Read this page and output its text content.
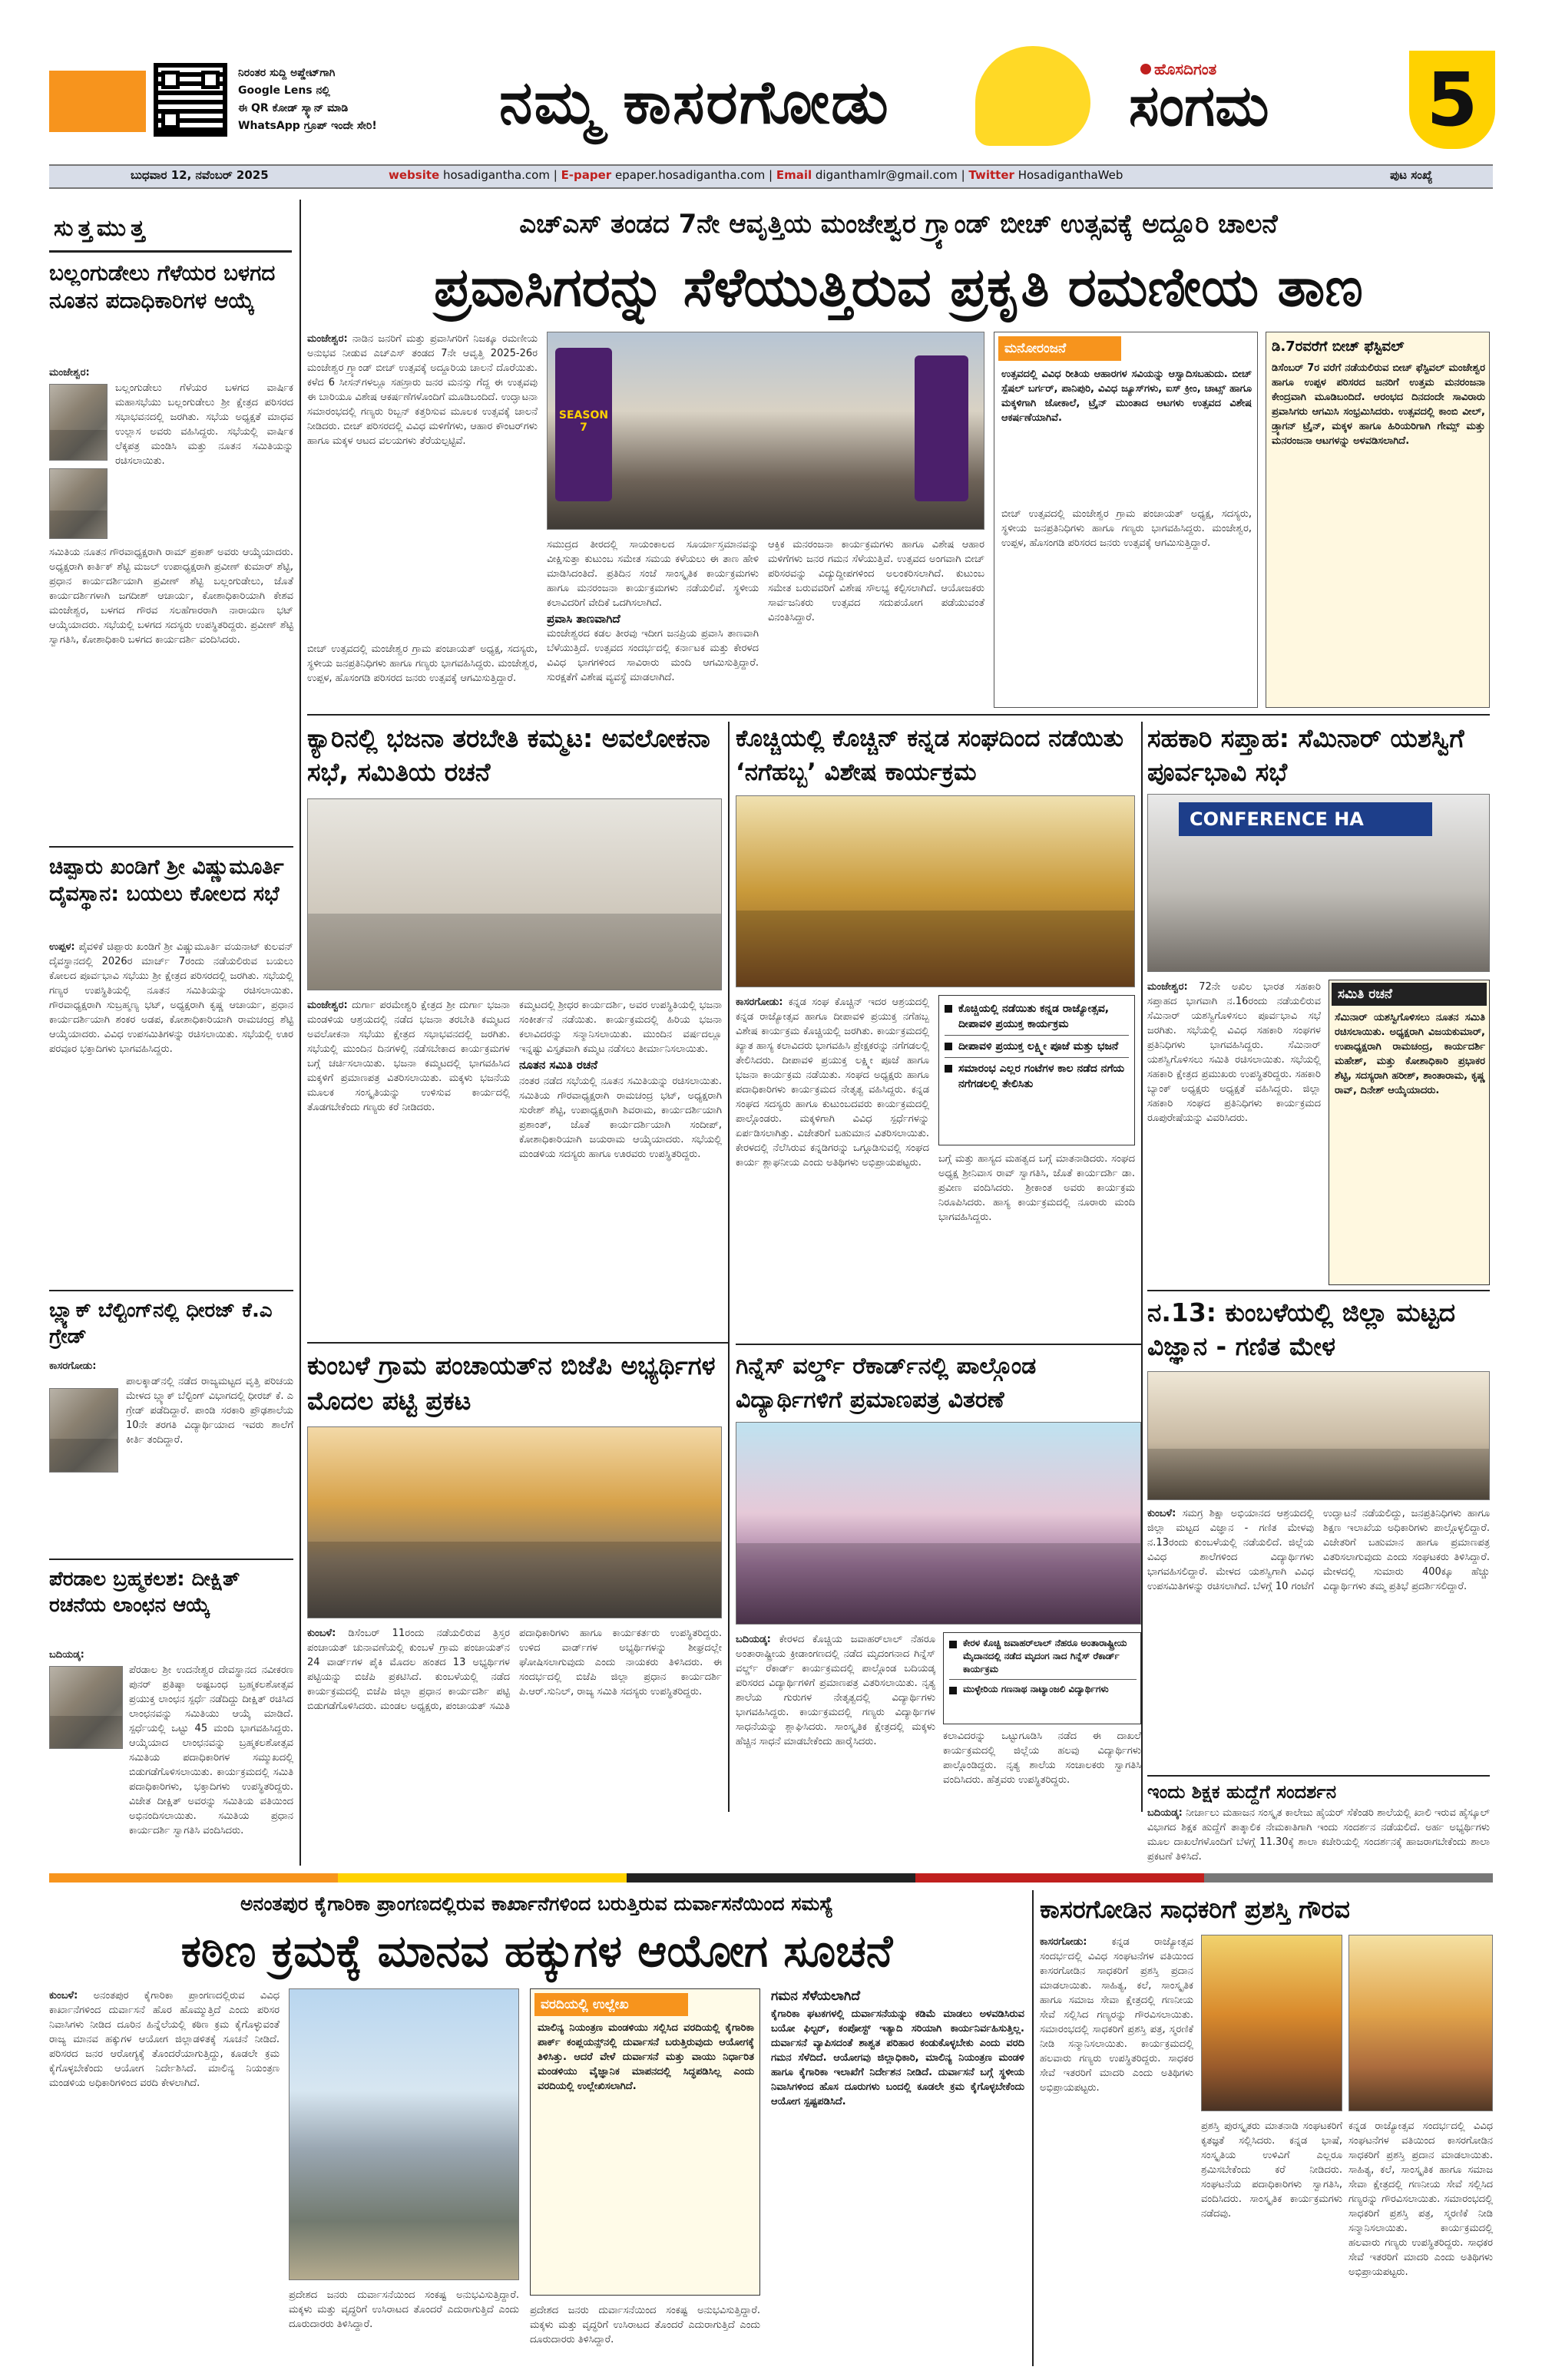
ನಿರಂತರ ಸುದ್ದಿ ಅಪ್ಡೇಟ್‌ಗಾಗಿ
Google Lens ನಲ್ಲಿ
ಈ QR ಕೋಡ್ ಸ್ಕ್ಯಾನ್ ಮಾಡಿ
WhatsApp ಗ್ರೂಪ್ ಇಂದೇ ಸೇರಿ!	ನಮ್ಮ ಕಾಸರಗೋಡು	ಹೊಸದಿಗಂತ
ಸಂಗಮ 5
ಬುಧವಾರ 12, ನವೆಂಬರ್ 2025	website hosadigantha.com | E-paper epaper.hosadigantha.com | Email diganthamlr@gmail.com | Twitter HosadiganthaWeb	ಪುಟ ಸಂಖ್ಯೆ
ಸುತ್ತಮುತ್ತ
ಬಲ್ಲಂಗುಡೇಲು ಗೆಳೆಯರ ಬಳಗದ ನೂತನ ಪದಾಧಿಕಾರಿಗಳ ಆಯ್ಕೆ
ಮಂಜೇಶ್ವರ:
ಬಲ್ಲಂಗುಡೇಲು ಗೆಳೆಯರ ಬಳಗದ ವಾರ್ಷಿಕ ಮಹಾಸಭೆಯು ಬಲ್ಲಂಗುಡೇಲು ಶ್ರೀ ಕ್ಷೇತ್ರದ ಪರಿಸರದ ಸಭಾಭವನದಲ್ಲಿ ಜರಗಿತು. ಸಭೆಯ ಅಧ್ಯಕ್ಷತೆ ಮಾಧವ ಉಲ್ಲಾಸ ಅವರು ವಹಿಸಿದ್ದರು. ಸಭೆಯಲ್ಲಿ ವಾರ್ಷಿಕ ಲೆಕ್ಕಪತ್ರ ಮಂಡಿಸಿ ಮತ್ತು ನೂತನ ಸಮಿತಿಯನ್ನು ರಚಿಸಲಾಯಿತು.
ಸಮಿತಿಯ ನೂತನ ಗೌರವಾಧ್ಯಕ್ಷರಾಗಿ ರಾಮ್ ಪ್ರಕಾಶ್ ಅವರು ಆಯ್ಕೆಯಾದರು. ಅಧ್ಯಕ್ಷರಾಗಿ ಕಾರ್ತಿಕ್ ಶೆಟ್ಟಿ ಮಜಲ್ ಉಪಾಧ್ಯಕ್ಷರಾಗಿ ಪ್ರವೀಣ್ ಕುಮಾರ್ ಶೆಟ್ಟಿ, ಪ್ರಧಾನ ಕಾರ್ಯದರ್ಶಿಯಾಗಿ ಪ್ರವೀಣ್ ಶೆಟ್ಟಿ ಬಲ್ಲಂಗುಡೇಲು, ಜೊತೆ ಕಾರ್ಯದರ್ಶಿಗಳಾಗಿ ಜಗದೀಶ್ ಆಚಾರ್ಯ, ಕೋಶಾಧಿಕಾರಿಯಾಗಿ ಕೇಶವ ಮಂಜೇಶ್ವರ, ಬಳಗದ ಗೌರವ ಸಲಹೆಗಾರರಾಗಿ ನಾರಾಯಣ ಭಟ್ ಆಯ್ಕೆಯಾದರು. ಸಭೆಯಲ್ಲಿ ಬಳಗದ ಸದಸ್ಯರು ಉಪಸ್ಥಿತರಿದ್ದರು. ಪ್ರವೀಣ್ ಶೆಟ್ಟಿ ಸ್ವಾಗತಿಸಿ, ಕೋಶಾಧಿಕಾರಿ ಬಳಗದ ಕಾರ್ಯದರ್ಶಿ ವಂದಿಸಿದರು.
ಚಿಪ್ಪಾರು ಖಂಡಿಗೆ ಶ್ರೀ ವಿಷ್ಣುಮೂರ್ತಿ ದೈವಸ್ಥಾನ: ಬಯಲು ಕೋಲದ ಸಭೆ
ಉಪ್ಪಳ: ಪೈವಳಿಕೆ ಚಿಪ್ಪಾರು ಖಂಡಿಗೆ ಶ್ರೀ ವಿಷ್ಣುಮೂರ್ತಿ ವಯನಾಟ್ ಕುಲವನ್ ದೈವಸ್ಥಾನದಲ್ಲಿ 2026ರ ಮಾರ್ಚ್ 7ರಂದು ನಡೆಯಲಿರುವ ಬಯಲು ಕೋಲದ ಪೂರ್ವಭಾವಿ ಸಭೆಯು ಶ್ರೀ ಕ್ಷೇತ್ರದ ಪರಿಸರದಲ್ಲಿ ಜರಗಿತು. ಸಭೆಯಲ್ಲಿ ಗಣ್ಯರ ಉಪಸ್ಥಿತಿಯಲ್ಲಿ ನೂತನ ಸಮಿತಿಯನ್ನು ರಚಿಸಲಾಯಿತು. ಗೌರವಾಧ್ಯಕ್ಷರಾಗಿ ಸುಬ್ರಹ್ಮಣ್ಯ ಭಟ್, ಅಧ್ಯಕ್ಷರಾಗಿ ಕೃಷ್ಣ ಆಚಾರ್ಯ, ಪ್ರಧಾನ ಕಾರ್ಯದರ್ಶಿಯಾಗಿ ಶಂಕರ ಅಡಪ, ಕೋಶಾಧಿಕಾರಿಯಾಗಿ ರಾಮಚಂದ್ರ ಶೆಟ್ಟಿ ಆಯ್ಕೆಯಾದರು. ವಿವಿಧ ಉಪಸಮಿತಿಗಳನ್ನು ರಚಿಸಲಾಯಿತು. ಸಭೆಯಲ್ಲಿ ಊರ ಪರವೂರ ಭಕ್ತಾದಿಗಳು ಭಾಗವಹಿಸಿದ್ದರು.
ಬ್ಲ್ಯಾಕ್ ಬೆಲ್ಟಿಂಗ್‌ನಲ್ಲಿ ಧೀರಜ್ ಕೆ.ಎ ಗ್ರೇಡ್
ಕಾಸರಗೋಡು:
ಪಾಲಕ್ಕಾಡ್‌ನಲ್ಲಿ ನಡೆದ ರಾಜ್ಯಮಟ್ಟದ ವೃತ್ತಿ ಪರಿಚಯ ಮೇಳದ ಬ್ಲ್ಯಾಕ್ ಬೆಲ್ಟಿಂಗ್ ವಿಭಾಗದಲ್ಲಿ ಧೀರಜ್ ಕೆ. ಎ ಗ್ರೇಡ್ ಪಡೆದಿದ್ದಾರೆ. ಪಾಂಡಿ ಸರಕಾರಿ ಪ್ರೌಢಶಾಲೆಯ 10ನೇ ತರಗತಿ ವಿದ್ಯಾರ್ಥಿಯಾದ ಇವರು ಶಾಲೆಗೆ ಕೀರ್ತಿ ತಂದಿದ್ದಾರೆ.
ಪೆರಡಾಲ ಬ್ರಹ್ಮಕಲಶ: ದೀಕ್ಷಿತ್ ರಚನೆಯ ಲಾಂಛನ ಆಯ್ಕೆ
ಬದಿಯಡ್ಕ:
ಪೆರಡಾಲ ಶ್ರೀ ಉದನೇಶ್ವರ ದೇವಸ್ಥಾನದ ನವೀಕರಣ ಪುನರ್ ಪ್ರತಿಷ್ಠಾ ಅಷ್ಟಬಂಧ ಬ್ರಹ್ಮಕಲಶೋತ್ಸವ ಪ್ರಯುಕ್ತ ಲಾಂಛನ ಸ್ಪರ್ಧೆ ನಡೆದಿದ್ದು ದೀಕ್ಷಿತ್ ರಚಿಸಿದ ಲಾಂಛನವನ್ನು ಸಮಿತಿಯು ಆಯ್ಕೆ ಮಾಡಿದೆ. ಸ್ಪರ್ಧೆಯಲ್ಲಿ ಒಟ್ಟು 45 ಮಂದಿ ಭಾಗವಹಿಸಿದ್ದರು. ಆಯ್ಕೆಯಾದ ಲಾಂಛನವನ್ನು ಬ್ರಹ್ಮಕಲಶೋತ್ಸವ ಸಮಿತಿಯ ಪದಾಧಿಕಾರಿಗಳ ಸಮ್ಮುಖದಲ್ಲಿ ಬಿಡುಗಡೆಗೊಳಿಸಲಾಯಿತು. ಕಾರ್ಯಕ್ರಮದಲ್ಲಿ ಸಮಿತಿ ಪದಾಧಿಕಾರಿಗಳು, ಭಕ್ತಾದಿಗಳು ಉಪಸ್ಥಿತರಿದ್ದರು. ವಿಜೇತ ದೀಕ್ಷಿತ್ ಅವರನ್ನು ಸಮಿತಿಯ ವತಿಯಿಂದ ಅಭಿನಂದಿಸಲಾಯಿತು. ಸಮಿತಿಯ ಪ್ರಧಾನ ಕಾರ್ಯದರ್ಶಿ ಸ್ವಾಗತಿಸಿ ವಂದಿಸಿದರು.
ಎಚ್‌ಎಸ್ ತಂಡದ 7ನೇ ಆವೃತ್ತಿಯ ಮಂಜೇಶ್ವರ ಗ್ರ್ಯಾಂಡ್ ಬೀಚ್ ಉತ್ಸವಕ್ಕೆ ಅದ್ದೂರಿ ಚಾಲನೆ
ಪ್ರವಾಸಿಗರನ್ನು ಸೆಳೆಯುತ್ತಿರುವ ಪ್ರಕೃತಿ ರಮಣೀಯ ತಾಣ
ಮಂಜೇಶ್ವರ: ನಾಡಿನ ಜನರಿಗೆ ಮತ್ತು ಪ್ರವಾಸಿಗರಿಗೆ ನಿಜಕ್ಕೂ ರಮಣೀಯ ಅನುಭವ ನೀಡುವ ಎಚ್‌ಎಸ್ ತಂಡದ 7ನೇ ಆವೃತ್ತಿ 2025-26ರ ಮಂಜೇಶ್ವರ ಗ್ರ್ಯಾಂಡ್ ಬೀಚ್ ಉತ್ಸವಕ್ಕೆ ಅದ್ದೂರಿಯ ಚಾಲನೆ ದೊರೆಯಿತು. ಕಳೆದ 6 ಸೀಸನ್‌ಗಳಲ್ಲೂ ಸಹಸ್ರಾರು ಜನರ ಮನಸ್ಸು ಗೆದ್ದ ಈ ಉತ್ಸವವು ಈ ಬಾರಿಯೂ ವಿಶೇಷ ಆಕರ್ಷಣೆಗಳೊಂದಿಗೆ ಮೂಡಿಬಂದಿದೆ. ಉದ್ಘಾಟನಾ ಸಮಾರಂಭದಲ್ಲಿ ಗಣ್ಯರು ರಿಬ್ಬನ್ ಕತ್ತರಿಸುವ ಮೂಲಕ ಉತ್ಸವಕ್ಕೆ ಚಾಲನೆ ನೀಡಿದರು. ಬೀಚ್ ಪರಿಸರದಲ್ಲಿ ವಿವಿಧ ಮಳಿಗೆಗಳು, ಆಹಾರ ಕೌಂಟರ್‌ಗಳು ಹಾಗೂ ಮಕ್ಕಳ ಆಟದ ವಲಯಗಳು ತೆರೆಯಲ್ಪಟ್ಟಿವೆ.
SEASON 7
ಸಮುದ್ರದ ತೀರದಲ್ಲಿ ಸಾಯಂಕಾಲದ ಸೂರ್ಯಾಸ್ತಮಾನವನ್ನು ವೀಕ್ಷಿಸುತ್ತಾ ಕುಟುಂಬ ಸಮೇತ ಸಮಯ ಕಳೆಯಲು ಈ ತಾಣ ಹೇಳಿ ಮಾಡಿಸಿದಂತಿದೆ. ಪ್ರತಿದಿನ ಸಂಜೆ ಸಾಂಸ್ಕೃತಿಕ ಕಾರ್ಯಕ್ರಮಗಳು ಹಾಗೂ ಮನರಂಜನಾ ಕಾರ್ಯಕ್ರಮಗಳು ನಡೆಯಲಿವೆ. ಸ್ಥಳೀಯ ಕಲಾವಿದರಿಗೆ ವೇದಿಕೆ ಒದಗಿಸಲಾಗಿದೆ.
ಪ್ರವಾಸಿ ತಾಣವಾಗಿದೆ
ಮಂಜೇಶ್ವರದ ಕಡಲ ತೀರವು ಇದೀಗ ಜನಪ್ರಿಯ ಪ್ರವಾಸಿ ತಾಣವಾಗಿ ಬೆಳೆಯುತ್ತಿದೆ. ಉತ್ಸವದ ಸಂದರ್ಭದಲ್ಲಿ ಕರ್ನಾಟಕ ಮತ್ತು ಕೇರಳದ ವಿವಿಧ ಭಾಗಗಳಿಂದ ಸಾವಿರಾರು ಮಂದಿ ಆಗಮಿಸುತ್ತಿದ್ದಾರೆ. ಸುರಕ್ಷತೆಗೆ ವಿಶೇಷ ವ್ಯವಸ್ಥೆ ಮಾಡಲಾಗಿದೆ.
ಆಕ್ತಿಕ ಮನರಂಜನಾ ಕಾರ್ಯಕ್ರಮಗಳು ಹಾಗೂ ವಿಶೇಷ ಆಹಾರ ಮಳಿಗೆಗಳು ಜನರ ಗಮನ ಸೆಳೆಯುತ್ತಿವೆ. ಉತ್ಸವದ ಅಂಗವಾಗಿ ಬೀಚ್ ಪರಿಸರವನ್ನು ವಿದ್ಯುದ್ದೀಪಗಳಿಂದ ಅಲಂಕರಿಸಲಾಗಿದೆ. ಕುಟುಂಬ ಸಮೇತ ಬರುವವರಿಗೆ ವಿಶೇಷ ಸೌಲಭ್ಯ ಕಲ್ಪಿಸಲಾಗಿದೆ. ಆಯೋಜಕರು ಸಾರ್ವಜನಿಕರು ಉತ್ಸವದ ಸದುಪಯೋಗ ಪಡೆಯುವಂತೆ ವಿನಂತಿಸಿದ್ದಾರೆ.
ಬೀಚ್ ಉತ್ಸವದಲ್ಲಿ ಮಂಜೇಶ್ವರ ಗ್ರಾಮ ಪಂಚಾಯತ್ ಅಧ್ಯಕ್ಷ, ಸದಸ್ಯರು, ಸ್ಥಳೀಯ ಜನಪ್ರತಿನಿಧಿಗಳು ಹಾಗೂ ಗಣ್ಯರು ಭಾಗವಹಿಸಿದ್ದರು. ಮಂಜೇಶ್ವರ, ಉಪ್ಪಳ, ಹೊಸಂಗಡಿ ಪರಿಸರದ ಜನರು ಉತ್ಸವಕ್ಕೆ ಆಗಮಿಸುತ್ತಿದ್ದಾರೆ.
ಮನೋರಂಜನೆ
ಉತ್ಸವದಲ್ಲಿ ವಿವಿಧ ರೀತಿಯ ಆಹಾರಗಳ ಸವಿಯನ್ನು ಆಸ್ವಾದಿಸಬಹುದು. ಬೀಚ್ ಸ್ಪೆಷಲ್ ಬರ್ಗರ್, ಪಾನಿಪುರಿ, ವಿವಿಧ ಜ್ಯೂಸ್‌ಗಳು, ಐಸ್ ಕ್ರೀಂ, ಚಾಟ್ಸ್ ಹಾಗೂ ಮಕ್ಕಳಿಗಾಗಿ ಜೋಕಾಲೆ, ಟ್ರೈನ್ ಮುಂತಾದ ಆಟಗಳು ಉತ್ಸವದ ವಿಶೇಷ ಆಕರ್ಷಣೆಯಾಗಿವೆ.
ಬೀಚ್ ಉತ್ಸವದಲ್ಲಿ ಮಂಜೇಶ್ವರ ಗ್ರಾಮ ಪಂಚಾಯತ್ ಅಧ್ಯಕ್ಷ, ಸದಸ್ಯರು, ಸ್ಥಳೀಯ ಜನಪ್ರತಿನಿಧಿಗಳು ಹಾಗೂ ಗಣ್ಯರು ಭಾಗವಹಿಸಿದ್ದರು. ಮಂಜೇಶ್ವರ, ಉಪ್ಪಳ, ಹೊಸಂಗಡಿ ಪರಿಸರದ ಜನರು ಉತ್ಸವಕ್ಕೆ ಆಗಮಿಸುತ್ತಿದ್ದಾರೆ.
ಡಿ.7ರವರೆಗೆ ಬೀಚ್ ಫೆಸ್ಟಿವಲ್
ಡಿಸೆಂಬರ್ 7ರ ವರೆಗೆ ನಡೆಯಲಿರುವ ಬೀಚ್ ಫೆಸ್ಟಿವಲ್ ಮಂಜೇಶ್ವರ ಹಾಗೂ ಉಪ್ಪಳ ಪರಿಸರದ ಜನರಿಗೆ ಉತ್ತಮ ಮನರಂಜನಾ ಕೇಂದ್ರವಾಗಿ ಮೂಡಿಬಂದಿದೆ. ಆರಂಭದ ದಿನದಂದೇ ಸಾವಿರಾರು ಪ್ರವಾಸಿಗರು ಆಗಮಿಸಿ ಸಂಭ್ರಮಿಸಿದರು. ಉತ್ಸವದಲ್ಲಿ ಕಾಂಬಿ ವೀಲ್, ಡ್ರ್ಯಾಗನ್ ಟ್ರೈನ್, ಮಕ್ಕಳ ಹಾಗೂ ಹಿರಿಯರಿಗಾಗಿ ಗೇಮ್ಸ್ ಮತ್ತು ಮನರಂಜನಾ ಆಟಗಳನ್ನು ಅಳವಡಿಸಲಾಗಿದೆ.
ಕ್ಯಾರಿನಲ್ಲಿ ಭಜನಾ ತರಬೇತಿ ಕಮ್ಮಟ: ಅವಲೋಕನಾ ಸಭೆ, ಸಮಿತಿಯ ರಚನೆ
ಮಂಜೇಶ್ವರ: ದುರ್ಗಾ ಪರಮೇಶ್ವರಿ ಕ್ಷೇತ್ರದ ಶ್ರೀ ದುರ್ಗಾ ಭಜನಾ ಮಂಡಳಿಯ ಆಶ್ರಯದಲ್ಲಿ ನಡೆದ ಭಜನಾ ತರಬೇತಿ ಕಮ್ಮಟದ ಅವಲೋಕನಾ ಸಭೆಯು ಕ್ಷೇತ್ರದ ಸಭಾಭವನದಲ್ಲಿ ಜರಗಿತು. ಸಭೆಯಲ್ಲಿ ಮುಂದಿನ ದಿನಗಳಲ್ಲಿ ನಡೆಸಬೇಕಾದ ಕಾರ್ಯಕ್ರಮಗಳ ಬಗ್ಗೆ ಚರ್ಚಿಸಲಾಯಿತು. ಭಜನಾ ಕಮ್ಮಟದಲ್ಲಿ ಭಾಗವಹಿಸಿದ ಮಕ್ಕಳಿಗೆ ಪ್ರಮಾಣಪತ್ರ ವಿತರಿಸಲಾಯಿತು. ಮಕ್ಕಳು ಭಜನೆಯ ಮೂಲಕ ಸಂಸ್ಕೃತಿಯನ್ನು ಉಳಿಸುವ ಕಾರ್ಯದಲ್ಲಿ ತೊಡಗಬೇಕೆಂದು ಗಣ್ಯರು ಕರೆ ನೀಡಿದರು.
ಕಮ್ಮಟದಲ್ಲಿ ಶ್ರೀಧರ ಕಾರ್ಯದರ್ಶಿ, ಅವರ ಉಪಸ್ಥಿತಿಯಲ್ಲಿ ಭಜನಾ ಸಂಕೀರ್ತನೆ ನಡೆಯಿತು. ಕಾರ್ಯಕ್ರಮದಲ್ಲಿ ಹಿರಿಯ ಭಜನಾ ಕಲಾವಿದರನ್ನು ಸನ್ಮಾನಿಸಲಾಯಿತು. ಮುಂದಿನ ವರ್ಷದಲ್ಲೂ ಇನ್ನಷ್ಟು ವಿಸ್ತೃತವಾಗಿ ಕಮ್ಮಟ ನಡೆಸಲು ತೀರ್ಮಾನಿಸಲಾಯಿತು.
ನೂತನ ಸಮಿತಿ ರಚನೆ
ನಂತರ ನಡೆದ ಸಭೆಯಲ್ಲಿ ನೂತನ ಸಮಿತಿಯನ್ನು ರಚಿಸಲಾಯಿತು. ಸಮಿತಿಯ ಗೌರವಾಧ್ಯಕ್ಷರಾಗಿ ರಾಮಚಂದ್ರ ಭಟ್, ಅಧ್ಯಕ್ಷರಾಗಿ ಸುರೇಶ್ ಶೆಟ್ಟಿ, ಉಪಾಧ್ಯಕ್ಷರಾಗಿ ಶಿವರಾಮ, ಕಾರ್ಯದರ್ಶಿಯಾಗಿ ಪ್ರಶಾಂತ್, ಜೊತೆ ಕಾರ್ಯದರ್ಶಿಯಾಗಿ ಸಂದೀಪ್, ಕೋಶಾಧಿಕಾರಿಯಾಗಿ ಜಯರಾಮ ಆಯ್ಕೆಯಾದರು. ಸಭೆಯಲ್ಲಿ ಮಂಡಳಿಯ ಸದಸ್ಯರು ಹಾಗೂ ಊರವರು ಉಪಸ್ಥಿತರಿದ್ದರು.
ಕೊಚ್ಚಿಯಲ್ಲಿ ಕೊಚ್ಚಿನ್ ಕನ್ನಡ ಸಂಘದಿಂದ ನಡೆಯಿತು ‘ನಗೆಹಬ್ಬ’ ವಿಶೇಷ ಕಾರ್ಯಕ್ರಮ
ಕಾಸರಗೋಡು: ಕನ್ನಡ ಸಂಘ ಕೊಚ್ಚಿನ್ ಇದರ ಆಶ್ರಯದಲ್ಲಿ ಕನ್ನಡ ರಾಜ್ಯೋತ್ಸವ ಹಾಗೂ ದೀಪಾವಳಿ ಪ್ರಯುಕ್ತ ನಗೆಹಬ್ಬ ವಿಶೇಷ ಕಾರ್ಯಕ್ರಮ ಕೊಚ್ಚಿಯಲ್ಲಿ ಜರಗಿತು. ಕಾರ್ಯಕ್ರಮದಲ್ಲಿ ಖ್ಯಾತ ಹಾಸ್ಯ ಕಲಾವಿದರು ಭಾಗವಹಿಸಿ ಪ್ರೇಕ್ಷಕರನ್ನು ನಗೆಗಡಲಲ್ಲಿ ತೇಲಿಸಿದರು. ದೀಪಾವಳಿ ಪ್ರಯುಕ್ತ ಲಕ್ಷ್ಮೀ ಪೂಜೆ ಹಾಗೂ ಭಜನಾ ಕಾರ್ಯಕ್ರಮ ನಡೆಯಿತು. ಸಂಘದ ಅಧ್ಯಕ್ಷರು ಹಾಗೂ ಪದಾಧಿಕಾರಿಗಳು ಕಾರ್ಯಕ್ರಮದ ನೇತೃತ್ವ ವಹಿಸಿದ್ದರು. ಕನ್ನಡ ಸಂಘದ ಸದಸ್ಯರು ಹಾಗೂ ಕುಟುಂಬದವರು ಕಾರ್ಯಕ್ರಮದಲ್ಲಿ ಪಾಲ್ಗೊಂಡರು. ಮಕ್ಕಳಿಗಾಗಿ ವಿವಿಧ ಸ್ಪರ್ಧೆಗಳನ್ನು ಏರ್ಪಡಿಸಲಾಗಿತ್ತು. ವಿಜೇತರಿಗೆ ಬಹುಮಾನ ವಿತರಿಸಲಾಯಿತು. ಕೇರಳದಲ್ಲಿ ನೆಲೆಸಿರುವ ಕನ್ನಡಿಗರನ್ನು ಒಗ್ಗೂಡಿಸುವಲ್ಲಿ ಸಂಘದ ಕಾರ್ಯ ಶ್ಲಾಘನೀಯ ಎಂದು ಅತಿಥಿಗಳು ಅಭಿಪ್ರಾಯಪಟ್ಟರು.
ಕೊಚ್ಚಿಯಲ್ಲಿ ನಡೆಯಿತು ಕನ್ನಡ ರಾಜ್ಯೋತ್ಸವ, ದೀಪಾವಳಿ ಪ್ರಯುಕ್ತ ಕಾರ್ಯಕ್ರಮ
ದೀಪಾವಳಿ ಪ್ರಯುಕ್ತ ಲಕ್ಷ್ಮೀ ಪೂಜೆ ಮತ್ತು ಭಜನೆ
ಸಮಾರಂಭ ಎಲ್ಲರ ಗಂಟೆಗಳ ಕಾಲ ನಡೆದ ನಗೆಯ ನಗೆಗಡಲಲ್ಲಿ ತೇಲಿಸಿತು
ಬಗ್ಗೆ ಮತ್ತು ಹಾಸ್ಯದ ಮಹತ್ವದ ಬಗ್ಗೆ ಮಾತನಾಡಿದರು. ಸಂಘದ ಅಧ್ಯಕ್ಷ ಶ್ರೀನಿವಾಸ ರಾವ್ ಸ್ವಾಗತಿಸಿ, ಜೊತೆ ಕಾರ್ಯದರ್ಶಿ ಡಾ. ಪ್ರವೀಣ ವಂದಿಸಿದರು. ಶ್ರೀಕಾಂತ ಅವರು ಕಾರ್ಯಕ್ರಮ ನಿರೂಪಿಸಿದರು. ಹಾಸ್ಯ ಕಾರ್ಯಕ್ರಮದಲ್ಲಿ ನೂರಾರು ಮಂದಿ ಭಾಗವಹಿಸಿದ್ದರು.
ಸಹಕಾರಿ ಸಪ್ತಾಹ: ಸೆಮಿನಾರ್ ಯಶಸ್ವಿಗೆ ಪೂರ್ವಭಾವಿ ಸಭೆ
CONFERENCE HA
ಮಂಜೇಶ್ವರ: 72ನೇ ಅಖಿಲ ಭಾರತ ಸಹಕಾರಿ ಸಪ್ತಾಹದ ಭಾಗವಾಗಿ ನ.16ರಂದು ನಡೆಯಲಿರುವ ಸೆಮಿನಾರ್ ಯಶಸ್ವಿಗೊಳಿಸಲು ಪೂರ್ವಭಾವಿ ಸಭೆ ಜರಗಿತು. ಸಭೆಯಲ್ಲಿ ವಿವಿಧ ಸಹಕಾರಿ ಸಂಘಗಳ ಪ್ರತಿನಿಧಿಗಳು ಭಾಗವಹಿಸಿದ್ದರು. ಸೆಮಿನಾರ್ ಯಶಸ್ವಿಗೊಳಿಸಲು ಸಮಿತಿ ರಚಿಸಲಾಯಿತು. ಸಭೆಯಲ್ಲಿ ಸಹಕಾರಿ ಕ್ಷೇತ್ರದ ಪ್ರಮುಖರು ಉಪಸ್ಥಿತರಿದ್ದರು. ಸಹಕಾರಿ ಬ್ಯಾಂಕ್ ಅಧ್ಯಕ್ಷರು ಅಧ್ಯಕ್ಷತೆ ವಹಿಸಿದ್ದರು. ಜಿಲ್ಲಾ ಸಹಕಾರಿ ಸಂಘದ ಪ್ರತಿನಿಧಿಗಳು ಕಾರ್ಯಕ್ರಮದ ರೂಪುರೇಷೆಯನ್ನು ವಿವರಿಸಿದರು.
ಸಮಿತಿ ರಚನೆ
ಸೆಮಿನಾರ್ ಯಶಸ್ವಿಗೊಳಿಸಲು ನೂತನ ಸಮಿತಿ ರಚಿಸಲಾಯಿತು. ಅಧ್ಯಕ್ಷರಾಗಿ ವಿಜಯಕುಮಾರ್, ಉಪಾಧ್ಯಕ್ಷರಾಗಿ ರಾಮಚಂದ್ರ, ಕಾರ್ಯದರ್ಶಿ ಮಹೇಶ್, ಮತ್ತು ಕೋಶಾಧಿಕಾರಿ ಪ್ರಭಾಕರ ಶೆಟ್ಟಿ, ಸದಸ್ಯರಾಗಿ ಹರೀಶ್, ಶಾಂತಾರಾಮ, ಕೃಷ್ಣ ರಾವ್, ದಿನೇಶ್ ಆಯ್ಕೆಯಾದರು.
ನ.13: ಕುಂಬಳೆಯಲ್ಲಿ ಜಿಲ್ಲಾ ಮಟ್ಟದ ವಿಜ್ಞಾನ - ಗಣಿತ ಮೇಳ
ಕುಂಬಳೆ: ಸಮಗ್ರ ಶಿಕ್ಷಾ ಅಭಿಯಾನದ ಆಶ್ರಯದಲ್ಲಿ ಜಿಲ್ಲಾ ಮಟ್ಟದ ವಿಜ್ಞಾನ - ಗಣಿತ ಮೇಳವು ನ.13ರಂದು ಕುಂಬಳೆಯಲ್ಲಿ ನಡೆಯಲಿದೆ. ಜಿಲ್ಲೆಯ ವಿವಿಧ ಶಾಲೆಗಳಿಂದ ವಿದ್ಯಾರ್ಥಿಗಳು ಭಾಗವಹಿಸಲಿದ್ದಾರೆ. ಮೇಳದ ಯಶಸ್ವಿಗಾಗಿ ವಿವಿಧ ಉಪಸಮಿತಿಗಳನ್ನು ರಚಿಸಲಾಗಿದೆ. ಬೆಳಗ್ಗೆ 10 ಗಂಟೆಗೆ ಉದ್ಘಾಟನೆ ನಡೆಯಲಿದ್ದು, ಜನಪ್ರತಿನಿಧಿಗಳು ಹಾಗೂ ಶಿಕ್ಷಣ ಇಲಾಖೆಯ ಅಧಿಕಾರಿಗಳು ಪಾಲ್ಗೊಳ್ಳಲಿದ್ದಾರೆ. ವಿಜೇತರಿಗೆ ಬಹುಮಾನ ಹಾಗೂ ಪ್ರಮಾಣಪತ್ರ ವಿತರಿಸಲಾಗುವುದು ಎಂದು ಸಂಘಟಕರು ತಿಳಿಸಿದ್ದಾರೆ. ಮೇಳದಲ್ಲಿ ಸುಮಾರು 400ಕ್ಕೂ ಹೆಚ್ಚು ವಿದ್ಯಾರ್ಥಿಗಳು ತಮ್ಮ ಪ್ರತಿಭೆ ಪ್ರದರ್ಶಿಸಲಿದ್ದಾರೆ.
ಗಿನ್ನೆಸ್ ವರ್ಲ್ಡ್ ರೆಕಾರ್ಡ್‌ನಲ್ಲಿ ಪಾಲ್ಗೊಂಡ ವಿದ್ಯಾರ್ಥಿಗಳಿಗೆ ಪ್ರಮಾಣಪತ್ರ ವಿತರಣೆ
ಬದಿಯಡ್ಕ: ಕೇರಳದ ಕೊಚ್ಚಿಯ ಜವಾಹರ್‌ಲಾಲ್ ನೆಹರೂ ಅಂತಾರಾಷ್ಟ್ರೀಯ ಕ್ರೀಡಾಂಗಣದಲ್ಲಿ ನಡೆದ ಮೃದಂಗನಾದ ಗಿನ್ನೆಸ್ ವರ್ಲ್ಡ್ ರೆಕಾರ್ಡ್ ಕಾರ್ಯಕ್ರಮದಲ್ಲಿ ಪಾಲ್ಗೊಂಡ ಬದಿಯಡ್ಕ ಪರಿಸರದ ವಿದ್ಯಾರ್ಥಿಗಳಿಗೆ ಪ್ರಮಾಣಪತ್ರ ವಿತರಿಸಲಾಯಿತು. ನೃತ್ಯ ಶಾಲೆಯ ಗುರುಗಳ ನೇತೃತ್ವದಲ್ಲಿ ವಿದ್ಯಾರ್ಥಿಗಳು ಭಾಗವಹಿಸಿದ್ದರು. ಕಾರ್ಯಕ್ರಮದಲ್ಲಿ ಗಣ್ಯರು ವಿದ್ಯಾರ್ಥಿಗಳ ಸಾಧನೆಯನ್ನು ಶ್ಲಾಘಿಸಿದರು. ಸಾಂಸ್ಕೃತಿಕ ಕ್ಷೇತ್ರದಲ್ಲಿ ಮಕ್ಕಳು ಹೆಚ್ಚಿನ ಸಾಧನೆ ಮಾಡಬೇಕೆಂದು ಹಾರೈಸಿದರು.
ಕೇರಳ ಕೊಚ್ಚಿ ಜವಾಹರ್‌ಲಾಲ್ ನೆಹರೂ ಅಂತಾರಾಷ್ಟ್ರೀಯ ಮೈದಾನದಲ್ಲಿ ನಡೆದ ಮೃದಂಗ ನಾದ ಗಿನ್ನೆಸ್ ರೆಕಾರ್ಡ್ ಕಾರ್ಯಕ್ರಮ
ಮುಳ್ಳೇರಿಯ ಗಣನಾಥ ನಾಟ್ಯಾಂಜಲಿ ವಿದ್ಯಾರ್ಥಿಗಳು
ಕಲಾವಿದರನ್ನು ಒಟ್ಟುಗೂಡಿಸಿ ನಡೆದ ಈ ದಾಖಲೆ ಕಾರ್ಯಕ್ರಮದಲ್ಲಿ ಜಿಲ್ಲೆಯ ಹಲವು ವಿದ್ಯಾರ್ಥಿಗಳು ಪಾಲ್ಗೊಂಡಿದ್ದರು. ನೃತ್ಯ ಶಾಲೆಯ ಸಂಚಾಲಕರು ಸ್ವಾಗತಿಸಿ ವಂದಿಸಿದರು. ಹೆತ್ತವರು ಉಪಸ್ಥಿತರಿದ್ದರು.
ಕುಂಬಳೆ ಗ್ರಾಮ ಪಂಚಾಯತ್‌ನ ಬಿಜೆಪಿ ಅಭ್ಯರ್ಥಿಗಳ ಮೊದಲ ಪಟ್ಟಿ ಪ್ರಕಟ
ಕುಂಬಳೆ: ಡಿಸೆಂಬರ್ 11ರಂದು ನಡೆಯಲಿರುವ ತ್ರಿಸ್ತರ ಪಂಚಾಯತ್ ಚುನಾವಣೆಯಲ್ಲಿ ಕುಂಬಳೆ ಗ್ರಾಮ ಪಂಚಾಯತ್‌ನ 24 ವಾರ್ಡ್‌ಗಳ ಪೈಕಿ ಮೊದಲ ಹಂತದ 13 ಅಭ್ಯರ್ಥಿಗಳ ಪಟ್ಟಿಯನ್ನು ಬಿಜೆಪಿ ಪ್ರಕಟಿಸಿದೆ. ಕುಂಬಳೆಯಲ್ಲಿ ನಡೆದ ಕಾರ್ಯಕ್ರಮದಲ್ಲಿ ಬಿಜೆಪಿ ಜಿಲ್ಲಾ ಪ್ರಧಾನ ಕಾರ್ಯದರ್ಶಿ ಪಟ್ಟಿ ಬಿಡುಗಡೆಗೊಳಿಸಿದರು. ಮಂಡಲ ಅಧ್ಯಕ್ಷರು, ಪಂಚಾಯತ್ ಸಮಿತಿ ಪದಾಧಿಕಾರಿಗಳು ಹಾಗೂ ಕಾರ್ಯಕರ್ತರು ಉಪಸ್ಥಿತರಿದ್ದರು. ಉಳಿದ ವಾರ್ಡ್‌ಗಳ ಅಭ್ಯರ್ಥಿಗಳನ್ನು ಶೀಘ್ರದಲ್ಲೇ ಘೋಷಿಸಲಾಗುವುದು ಎಂದು ನಾಯಕರು ತಿಳಿಸಿದರು. ಈ ಸಂದರ್ಭದಲ್ಲಿ ಬಿಜೆಪಿ ಜಿಲ್ಲಾ ಪ್ರಧಾನ ಕಾರ್ಯದರ್ಶಿ ಪಿ.ಆರ್.ಸುನಿಲ್, ರಾಜ್ಯ ಸಮಿತಿ ಸದಸ್ಯರು ಉಪಸ್ಥಿತರಿದ್ದರು.
ಇಂದು ಶಿಕ್ಷಕ ಹುದ್ದೆಗೆ ಸಂದರ್ಶನ
ಬದಿಯಡ್ಕ: ನೀರ್ಚಾಲು ಮಹಾಜನ ಸಂಸ್ಕೃತ ಕಾಲೇಜು ಹೈಯರ್ ಸೆಕೆಂಡರಿ ಶಾಲೆಯಲ್ಲಿ ಖಾಲಿ ಇರುವ ಹೈಸ್ಕೂಲ್ ವಿಭಾಗದ ಶಿಕ್ಷಕ ಹುದ್ದೆಗೆ ತಾತ್ಕಾಲಿಕ ನೇಮಕಾತಿಗಾಗಿ ಇಂದು ಸಂದರ್ಶನ ನಡೆಯಲಿದೆ. ಅರ್ಹ ಅಭ್ಯರ್ಥಿಗಳು ಮೂಲ ದಾಖಲೆಗಳೊಂದಿಗೆ ಬೆಳಗ್ಗೆ 11.30ಕ್ಕೆ ಶಾಲಾ ಕಚೇರಿಯಲ್ಲಿ ಸಂದರ್ಶನಕ್ಕೆ ಹಾಜರಾಗಬೇಕೆಂದು ಶಾಲಾ ಪ್ರಕಟಣೆ ತಿಳಿಸಿದೆ.
ಅನಂತಪುರ ಕೈಗಾರಿಕಾ ಪ್ರಾಂಗಣದಲ್ಲಿರುವ ಕಾರ್ಖಾನೆಗಳಿಂದ ಬರುತ್ತಿರುವ ದುರ್ವಾಸನೆಯಿಂದ ಸಮಸ್ಯೆ
ಕಠಿಣ ಕ್ರಮಕ್ಕೆ ಮಾನವ ಹಕ್ಕುಗಳ ಆಯೋಗ ಸೂಚನೆ
ಕುಂಬಳೆ: ಅನಂತಪುರ ಕೈಗಾರಿಕಾ ಪ್ರಾಂಗಣದಲ್ಲಿರುವ ವಿವಿಧ ಕಾರ್ಖಾನೆಗಳಿಂದ ದುರ್ವಾಸನೆ ಹೊರ ಹೊಮ್ಮುತ್ತಿದೆ ಎಂದು ಪರಿಸರ ನಿವಾಸಿಗಳು ನೀಡಿದ ದೂರಿನ ಹಿನ್ನೆಲೆಯಲ್ಲಿ ಕಠಿಣ ಕ್ರಮ ಕೈಗೊಳ್ಳುವಂತೆ ರಾಜ್ಯ ಮಾನವ ಹಕ್ಕುಗಳ ಆಯೋಗ ಜಿಲ್ಲಾಡಳಿತಕ್ಕೆ ಸೂಚನೆ ನೀಡಿದೆ. ಪರಿಸರದ ಜನರ ಆರೋಗ್ಯಕ್ಕೆ ತೊಂದರೆಯಾಗುತ್ತಿದ್ದು, ಕೂಡಲೇ ಕ್ರಮ ಕೈಗೊಳ್ಳಬೇಕೆಂದು ಆಯೋಗ ನಿರ್ದೇಶಿಸಿದೆ. ಮಾಲಿನ್ಯ ನಿಯಂತ್ರಣ ಮಂಡಳಿಯ ಅಧಿಕಾರಿಗಳಿಂದ ವರದಿ ಕೇಳಲಾಗಿದೆ.
ಪ್ರದೇಶದ ಜನರು ದುರ್ವಾಸನೆಯಿಂದ ಸಂಕಷ್ಟ ಅನುಭವಿಸುತ್ತಿದ್ದಾರೆ. ಮಕ್ಕಳು ಮತ್ತು ವೃದ್ಧರಿಗೆ ಉಸಿರಾಟದ ತೊಂದರೆ ಎದುರಾಗುತ್ತಿದೆ ಎಂದು ದೂರುದಾರರು ತಿಳಿಸಿದ್ದಾರೆ.
ವರದಿಯಲ್ಲಿ ಉಲ್ಲೇಖ
ಮಾಲಿನ್ಯ ನಿಯಂತ್ರಣ ಮಂಡಳಿಯು ಸಲ್ಲಿಸಿದ ವರದಿಯಲ್ಲಿ ಕೈಗಾರಿಕಾ ಪಾರ್ಕ್ ಕಂಪ್ಲಯನ್ಸ್‌ನಲ್ಲಿ ದುರ್ವಾಸನೆ ಬರುತ್ತಿರುವುದು ಆಯೋಗಕ್ಕೆ ತಿಳಿಸಿತ್ತು. ಆದರೆ ವೇಳೆ ದುರ್ವಾಸನೆ ಮತ್ತು ವಾಯು ನಿರ್ಧಾರಿತ ಮಂಡಳಿಯು ವೈಜ್ಞಾನಿಕ ಮಾಪನದಲ್ಲಿ ಸಿದ್ಧಪಡಿಸಿಲ್ಲ ಎಂದು ವರದಿಯಲ್ಲಿ ಉಲ್ಲೇಖಿಸಲಾಗಿದೆ.
ಪ್ರದೇಶದ ಜನರು ದುರ್ವಾಸನೆಯಿಂದ ಸಂಕಷ್ಟ ಅನುಭವಿಸುತ್ತಿದ್ದಾರೆ. ಮಕ್ಕಳು ಮತ್ತು ವೃದ್ಧರಿಗೆ ಉಸಿರಾಟದ ತೊಂದರೆ ಎದುರಾಗುತ್ತಿದೆ ಎಂದು ದೂರುದಾರರು ತಿಳಿಸಿದ್ದಾರೆ.
ಗಮನ ಸೆಳೆಯಲಾಗಿದೆ
ಕೈಗಾರಿಕಾ ಘಟಕಗಳಲ್ಲಿ ದುರ್ವಾಸನೆಯನ್ನು ಕಡಿಮೆ ಮಾಡಲು ಅಳವಡಿಸಿರುವ ಬಯೋ ಫಿಲ್ಟರ್, ಕಂಪೋಸ್ಟ್ ಇತ್ಯಾದಿ ಸರಿಯಾಗಿ ಕಾರ್ಯನಿರ್ವಹಿಸುತ್ತಿಲ್ಲ. ದುರ್ವಾಸನೆ ವ್ಯಾಪಿಸದಂತೆ ಶಾಶ್ವತ ಪರಿಹಾರ ಕಂಡುಕೊಳ್ಳಬೇಕು ಎಂದು ವರದಿ ಗಮನ ಸೆಳೆದಿದೆ. ಆಯೋಗವು ಜಿಲ್ಲಾಧಿಕಾರಿ, ಮಾಲಿನ್ಯ ನಿಯಂತ್ರಣ ಮಂಡಳಿ ಹಾಗೂ ಕೈಗಾರಿಕಾ ಇಲಾಖೆಗೆ ನಿರ್ದೇಶನ ನೀಡಿದೆ. ದುರ್ವಾಸನೆ ಬಗ್ಗೆ ಸ್ಥಳೀಯ ನಿವಾಸಿಗಳಿಂದ ಹೊಸ ದೂರುಗಳು ಬಂದಲ್ಲಿ ಕೂಡಲೇ ಕ್ರಮ ಕೈಗೊಳ್ಳಬೇಕೆಂದು ಆಯೋಗ ಸ್ಪಷ್ಟಪಡಿಸಿದೆ.
ಕಾಸರಗೋಡಿನ ಸಾಧಕರಿಗೆ ಪ್ರಶಸ್ತಿ ಗೌರವ
ಕಾಸರಗೋಡು: ಕನ್ನಡ ರಾಜ್ಯೋತ್ಸವ ಸಂದರ್ಭದಲ್ಲಿ ವಿವಿಧ ಸಂಘಟನೆಗಳ ವತಿಯಿಂದ ಕಾಸರಗೋಡಿನ ಸಾಧಕರಿಗೆ ಪ್ರಶಸ್ತಿ ಪ್ರದಾನ ಮಾಡಲಾಯಿತು. ಸಾಹಿತ್ಯ, ಕಲೆ, ಸಾಂಸ್ಕೃತಿಕ ಹಾಗೂ ಸಮಾಜ ಸೇವಾ ಕ್ಷೇತ್ರದಲ್ಲಿ ಗಣನೀಯ ಸೇವೆ ಸಲ್ಲಿಸಿದ ಗಣ್ಯರನ್ನು ಗೌರವಿಸಲಾಯಿತು. ಸಮಾರಂಭದಲ್ಲಿ ಸಾಧಕರಿಗೆ ಪ್ರಶಸ್ತಿ ಪತ್ರ, ಸ್ಮರಣಿಕೆ ನೀಡಿ ಸನ್ಮಾನಿಸಲಾಯಿತು. ಕಾರ್ಯಕ್ರಮದಲ್ಲಿ ಹಲವಾರು ಗಣ್ಯರು ಉಪಸ್ಥಿತರಿದ್ದರು. ಸಾಧಕರ ಸೇವೆ ಇತರರಿಗೆ ಮಾದರಿ ಎಂದು ಅತಿಥಿಗಳು ಅಭಿಪ್ರಾಯಪಟ್ಟರು.
ಪ್ರಶಸ್ತಿ ಪುರಸ್ಕೃತರು ಮಾತನಾಡಿ ಸಂಘಟಕರಿಗೆ ಕೃತಜ್ಞತೆ ಸಲ್ಲಿಸಿದರು. ಕನ್ನಡ ಭಾಷೆ, ಸಂಸ್ಕೃತಿಯ ಉಳಿವಿಗೆ ಎಲ್ಲರೂ ಶ್ರಮಿಸಬೇಕೆಂದು ಕರೆ ನೀಡಿದರು. ಸಂಘಟನೆಯ ಪದಾಧಿಕಾರಿಗಳು ಸ್ವಾಗತಿಸಿ, ವಂದಿಸಿದರು. ಸಾಂಸ್ಕೃತಿಕ ಕಾರ್ಯಕ್ರಮಗಳು ನಡೆದವು.
ಕನ್ನಡ ರಾಜ್ಯೋತ್ಸವ ಸಂದರ್ಭದಲ್ಲಿ ವಿವಿಧ ಸಂಘಟನೆಗಳ ವತಿಯಿಂದ ಕಾಸರಗೋಡಿನ ಸಾಧಕರಿಗೆ ಪ್ರಶಸ್ತಿ ಪ್ರದಾನ ಮಾಡಲಾಯಿತು. ಸಾಹಿತ್ಯ, ಕಲೆ, ಸಾಂಸ್ಕೃತಿಕ ಹಾಗೂ ಸಮಾಜ ಸೇವಾ ಕ್ಷೇತ್ರದಲ್ಲಿ ಗಣನೀಯ ಸೇವೆ ಸಲ್ಲಿಸಿದ ಗಣ್ಯರನ್ನು ಗೌರವಿಸಲಾಯಿತು. ಸಮಾರಂಭದಲ್ಲಿ ಸಾಧಕರಿಗೆ ಪ್ರಶಸ್ತಿ ಪತ್ರ, ಸ್ಮರಣಿಕೆ ನೀಡಿ ಸನ್ಮಾನಿಸಲಾಯಿತು. ಕಾರ್ಯಕ್ರಮದಲ್ಲಿ ಹಲವಾರು ಗಣ್ಯರು ಉಪಸ್ಥಿತರಿದ್ದರು. ಸಾಧಕರ ಸೇವೆ ಇತರರಿಗೆ ಮಾದರಿ ಎಂದು ಅತಿಥಿಗಳು ಅಭಿಪ್ರಾಯಪಟ್ಟರು.
